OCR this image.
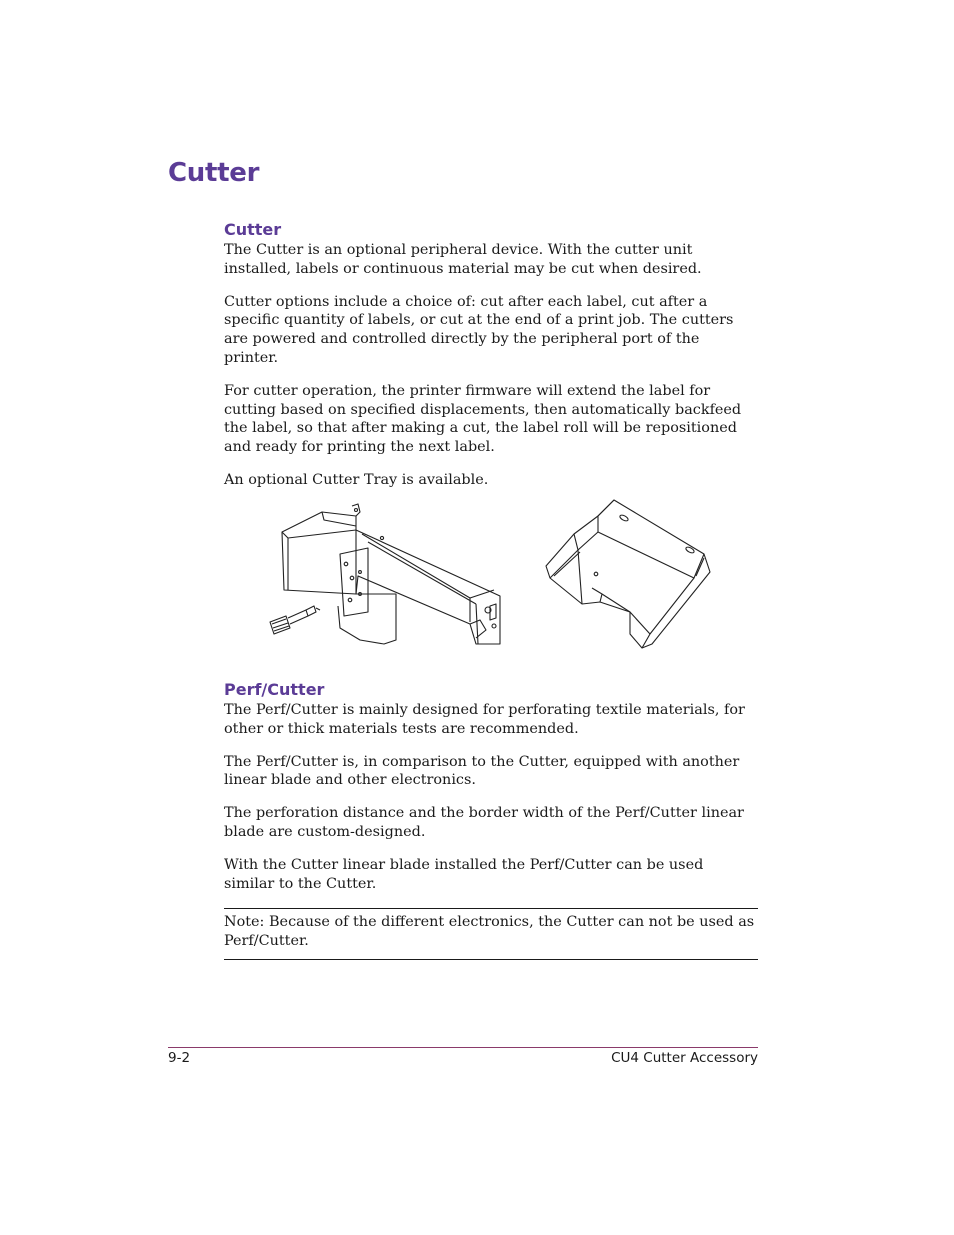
Cutter
Cutter

The Cutter is an optional peripheral device. With the cutter unit installed, labels or continuous material may be cut when desired.

Cutter options include a choice of: cut after each label, cut after a specific quantity of labels, or cut at the end of a print job. The cutters are powered and controlled directly by the peripheral port of the printer.

For cutter operation, the printer firmware will extend the label for cutting based on specified displacements, then automatically backfeed the label, so that after making a cut, the label roll will be repositioned and ready for printing the next label.

An optional Cutter Tray is available.

Perf/Cutter

The Perf/Cutter is mainly designed for perforating textile materials, for other or thick materials tests are recommended.

The Perf/Cutter is, in comparison to the Cutter, equipped with another linear blade and other electronics.

The perforation distance and the border width of the Perf/Cutter linear blade are custom-designed.

With the Cutter linear blade installed the Perf/Cutter can be used similar to the Cutter.

Note: Because of the different electronics, the Cutter can not be used as Perf/Cutter.

9-2	CU4 Cutter Accessory
